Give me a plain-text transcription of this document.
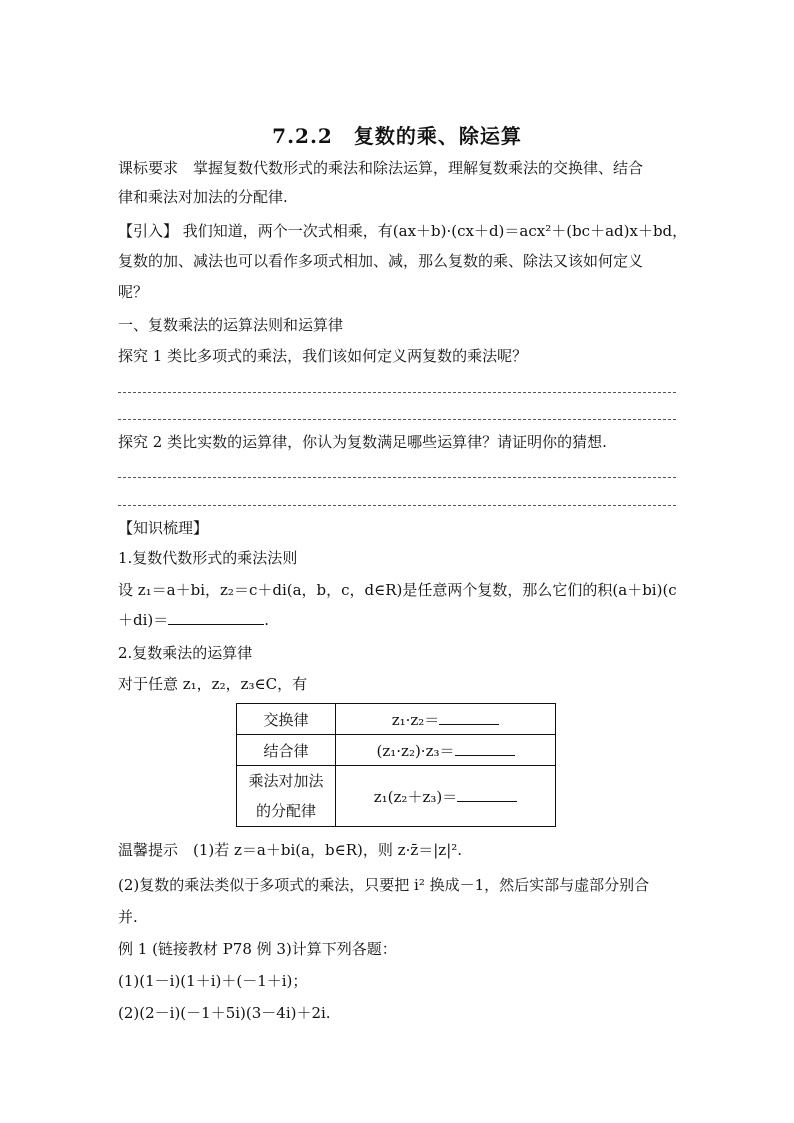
7.2.2　复数的乘、除运算
课标要求　掌握复数代数形式的乘法和除法运算，理解复数乘法的交换律、结合
律和乘法对加法的分配律.
【引入】 我们知道，两个一次式相乘，有(ax＋b)·(cx＋d)＝acx²＋(bc＋ad)x＋bd，
复数的加、减法也可以看作多项式相加、减，那么复数的乘、除法又该如何定义
呢？
一、复数乘法的运算法则和运算律
探究 1 类比多项式的乘法，我们该如何定义两复数的乘法呢？
探究 2 类比实数的运算律，你认为复数满足哪些运算律？请证明你的猜想.
【知识梳理】
1.复数代数形式的乘法法则
设 z₁＝a＋bi，z₂＝c＋di(a，b，c，d∈R)是任意两个复数，那么它们的积(a＋bi)(c
＋di)＝	.
2.复数乘法的运算律
对于任意 z₁，z₂，z₃∈C，有
交换律	z₁·z₂＝
结合律	(z₁·z₂)·z₃＝

乘法对加法
的分配律	z₁(z₂＋z₃)＝
温馨提示　(1)若 z＝a＋bi(a，b∈R)，则 z·z̄＝|z|².
(2)复数的乘法类似于多项式的乘法，只要把 i² 换成－1，然后实部与虚部分别合
并.
例 1 (链接教材 P78 例 3)计算下列各题：
(1)(1－i)(1＋i)＋(－1＋i)；
(2)(2－i)(－1＋5i)(3－4i)＋2i.
